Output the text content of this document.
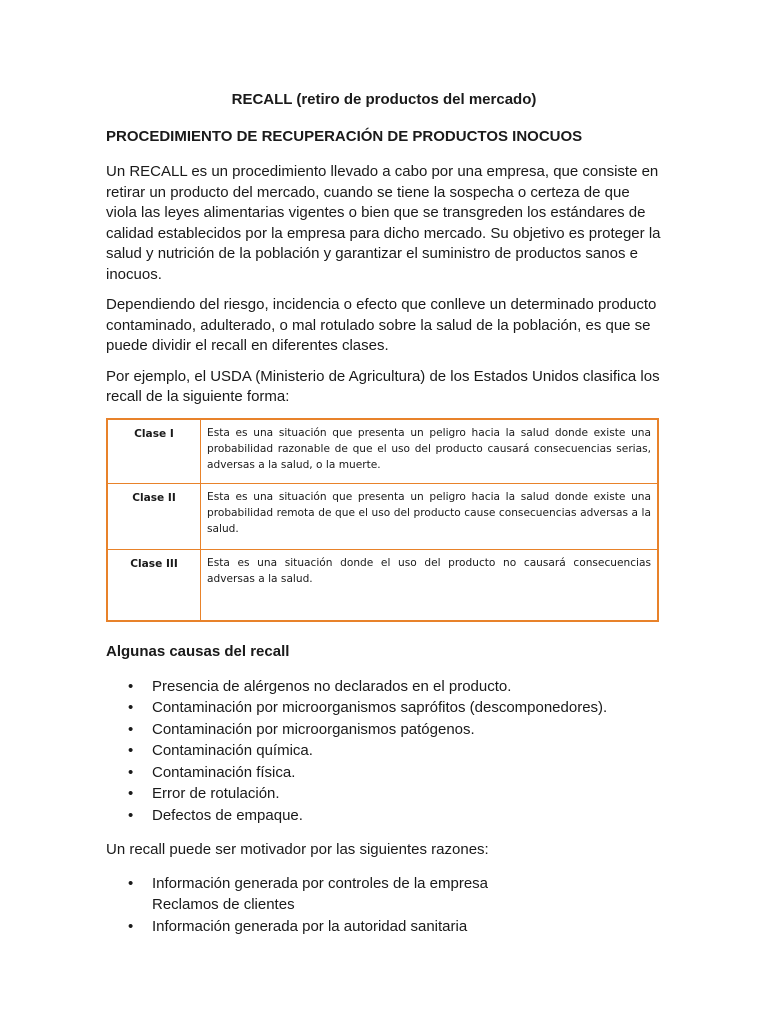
RECALL (retiro de productos del mercado)
PROCEDIMIENTO DE RECUPERACIÓN DE PRODUCTOS INOCUOS

Un RECALL es un procedimiento llevado a cabo por una empresa, que consiste en retirar un producto del mercado, cuando se tiene la sospecha o certeza de que viola las leyes alimentarias vigentes o bien que se transgreden los estándares de calidad establecidos por la empresa para dicho mercado. Su objetivo es proteger la salud y nutrición de la población y garantizar el suministro de productos sanos e inocuos.

Dependiendo del riesgo, incidencia o efecto que conlleve un determinado producto contaminado, adulterado, o mal rotulado sobre la salud de la población, es que se puede dividir el recall en diferentes clases.

Por ejemplo, el USDA (Ministerio de Agricultura) de los Estados Unidos clasifica los recall de la siguiente forma:

Clase I	Esta es una situación que presenta un peligro hacia la salud donde existe una probabilidad razonable de que el uso del producto causará consecuencias serias, adversas a la salud, o la muerte.
Clase II	Esta es una situación que presenta un peligro hacia la salud donde existe una probabilidad remota de que el uso del producto cause consecuencias adversas a la salud.
Clase III	Esta es una situación donde el uso del producto no causará consecuencias adversas a la salud.
Algunas causas del recall
• Presencia de alérgenos no declarados en el producto.
• Contaminación por microorganismos saprófitos (descomponedores).
• Contaminación por microorganismos patógenos.
• Contaminación química.
• Contaminación física.
• Error de rotulación.
• Defectos de empaque.

Un recall puede ser motivador por las siguientes razones:

• Información generada por controles de la empresa
Reclamos de clientes
• Información generada por la autoridad sanitaria
